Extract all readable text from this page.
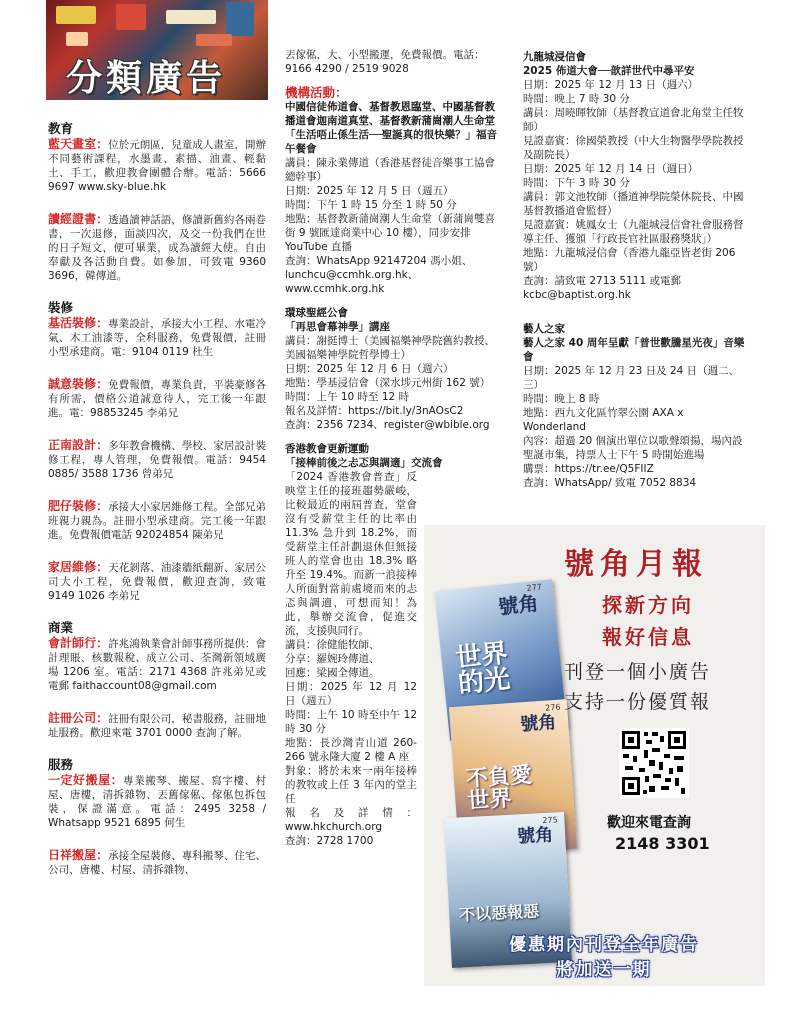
分類廣告
教育
藍天畫室：位於元朗區，兒童成人畫室，開辦不同藝術課程，水墨畫、素描、油畫、輕黏土、手工，歡迎教會團體合辦。電話：5666 9697 www.sky-blue.hk
讀經證書：透過讀神話語，修讀新舊約各兩卷書，一次退修，面談四次，及交一份我們在世的日子短文，便可畢業，成為讀經大使。自由奉獻及各活動自費。如參加，可致電 9360 3696，韓傳道。
裝修
基活裝修：專業設計，承接大小工程、水電冷氣、木工油漆等，全科服務，免費報價，註冊小型承建商。電：9104 0119 杜生
誠意裝修：免費報價，專業負責，平裝豪修各有所需，價格公道誠意待人，完工後一年跟進。電：98853245 李弟兄
正南設計：多年教會機構、學校、家居設計裝修工程，專人管理，免費報價。電話：9454 0885/ 3588 1736 曾弟兄
肥仔裝修：承接大小家居維修工程。全部兄弟班親力親為。註冊小型承建商。完工後一年跟進。免費報價電話 92024854 陳弟兄
家居維修：天花剝落、油漆牆紙翻新、家居公司大小工程，免費報價，歡迎查詢，致電 9149 1026 李弟兄
商業
會計師行：許兆鴻執業會計師事務所提供：會計理賬、核數報稅、成立公司、荃灣新領域廣場 1206 室。電話：2171 4368 許兆弟兄或電郵 faithaccount08@gmail.com
註冊公司：註冊有限公司，秘書服務，註冊地址服務。歡迎來電 3701 0000 查詢了解。
服務
一定好搬屋：專業搬琴、搬屋、寫字樓、村屋、唐樓，清拆雜物、丟舊傢俬、傢俬包拆包裝，保證滿意。電話：2495 3258 / Whatsapp 9521 6895 何生
日祥搬屋：承接全屋裝修、專科搬琴、住宅、公司、唐樓、村屋、清拆雜物、

丟傢俬，大、小型搬運，免費報價。電話：9166 4290 / 2519 9028

機構活動：

中國信徒佈道會、基督教恩臨堂、中國基督教播道會迦南道真堂、基督教新蒲崗潮人生命堂

「生活唔止係生活──聖誕真的很快樂？」福音午餐會

講員：陳永業傳道（香港基督徒音樂事工協會總幹事）

日期：2025 年 12 月 5 日（週五）

時間：下午 1 時 15 分至 1 時 50 分

地點：基督教新蒲崗潮人生命堂（新蒲崗雙喜街 9 號匯達商業中心 10 樓），同步安排 YouTube 直播

查詢：WhatsApp 92147204 馮小姐、lunchcu@ccmhk.org.hk、www.ccmhk.org.hk

環球聖經公會

「再思會幕神學」講座

講員：謝挺博士（美國福樂神學院舊約教授、美國福樂神學院哲學博士）

日期：2025 年 12 月 6 日（週六）

地點：學基浸信會（深水埗元州街 162 號）

時間：上午 10 時至 12 時

報名及詳情：https://bit.ly/3nAOsC2

查詢：2356 7234、register@wbible.org

香港教會更新運動

「接棒前後之忐忑與調適」交流會

「2024 香港教會普查」反映堂主任的接班趨勢嚴峻，比較最近的兩屆普查，堂會沒有受薪堂主任的比率由 11.3% 急升到 18.2%，而受薪堂主任計劃退休但無接班人的堂會也由 18.3% 略升至 19.4%。而新一浪接棒人所面對當前處境而來的忐忑與調適，可想而知！為此，舉辦交流會，促進交流，支援與同行。

講員：徐健能牧師、

分享：羅婉玲傳道、

回應：梁國全傳道。

日期：2025 年 12 月 12 日（週五）

時間：上午 10 時至中午 12 時 30 分

地點：長沙灣青山道 260-266 號永隆大廈 2 樓 A 座

對象：將於未來一兩年接棒的教牧或上任 3 年內的堂主任

報名及詳情：www.hkchurch.org

查詢：2728 1700

九龍城浸信會

2025 佈道大會──歆詳世代中尋平安

日期：2025 年 12 月 13 日（週六）

時間：晚上 7 時 30 分

講員：周曉暉牧師（基督教宣道會北角堂主任牧師）

見證嘉賓：徐國榮教授（中大生物醫學學院教授及副院長）

日期：2025 年 12 月 14 日（週日）

時間：下午 3 時 30 分

講員：郭文池牧師（播道神學院榮休院長、中國基督教播道會監督）

見證嘉賓：姚鳳女士（九龍城浸信會社會服務督導主任、獲頒「行政長官社區服務獎狀」）

地點：九龍城浸信會（香港九龍亞皆老街 206 號）

查詢：請致電 2713 5111 或電郵 kcbc@baptist.org.hk

藝人之家

藝人之家 40 周年呈獻「普世歡騰星光夜」音樂會

日期：2025 年 12 月 23 日及 24 日（週二、三）

時間：晚上 8 時

地點：西九文化區竹翠公園 AXA x Wonderland

內容：超過 20 個演出單位以歌聲頌揚，場內設聖誕市集，持票人士下午 5 時開始進場

購票：https://tr.ee/Q5FIIZ

查詢：WhatsApp/ 致電 7052 8834

號角
277
世界的光
號角
276
不負愛世界
號角
275
不以惡報惡
號角月報
探新方向
報好信息
刊登一個小廣告
支持一份優質報
歡迎來電查詢
2148 3301
優惠期內刊登全年廣告
將加送一期
